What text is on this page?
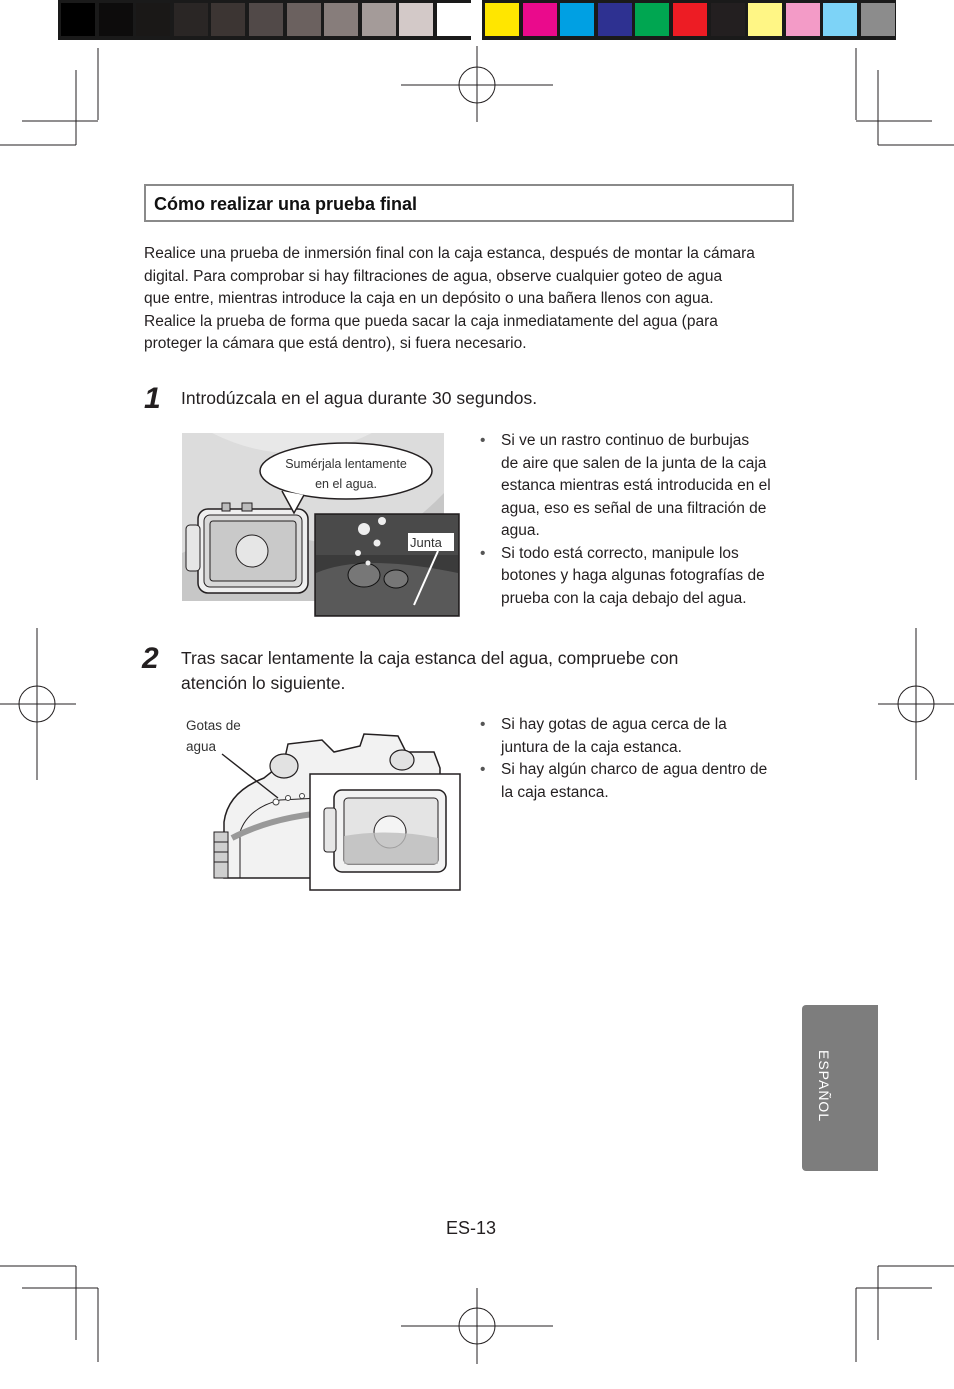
Cómo realizar una prueba final
Realice una prueba de inmersión final con la caja estanca, después de montar la cámara
digital. Para comprobar si hay filtraciones de agua, observe cualquier goteo de agua
que entre, mientras introduce la caja en un depósito o una bañera llenos con agua.
Realice la prueba de forma que pueda sacar la caja inmediatamente del agua (para
proteger la cámara que está dentro), si fuera necesario.
1 Introdúzcala en el agua durante 30 segundos.
Sumérjala lentamente
en el agua.
Junta
• Si ve un rastro continuo de burbujas
de aire que salen de la junta de la caja
estanca mientras está introducida en el
agua, eso es señal de una filtración de
agua.
• Si todo está correcto, manipule los
botones y haga algunas fotografías de
prueba con la caja debajo del agua.
2 Tras sacar lentamente la caja estanca del agua, compruebe con
atención lo siguiente.
Gotas de
agua
• Si hay gotas de agua cerca de la
juntura de la caja estanca.
• Si hay algún charco de agua dentro de
la caja estanca.
ESPAÑOL
ES-13
